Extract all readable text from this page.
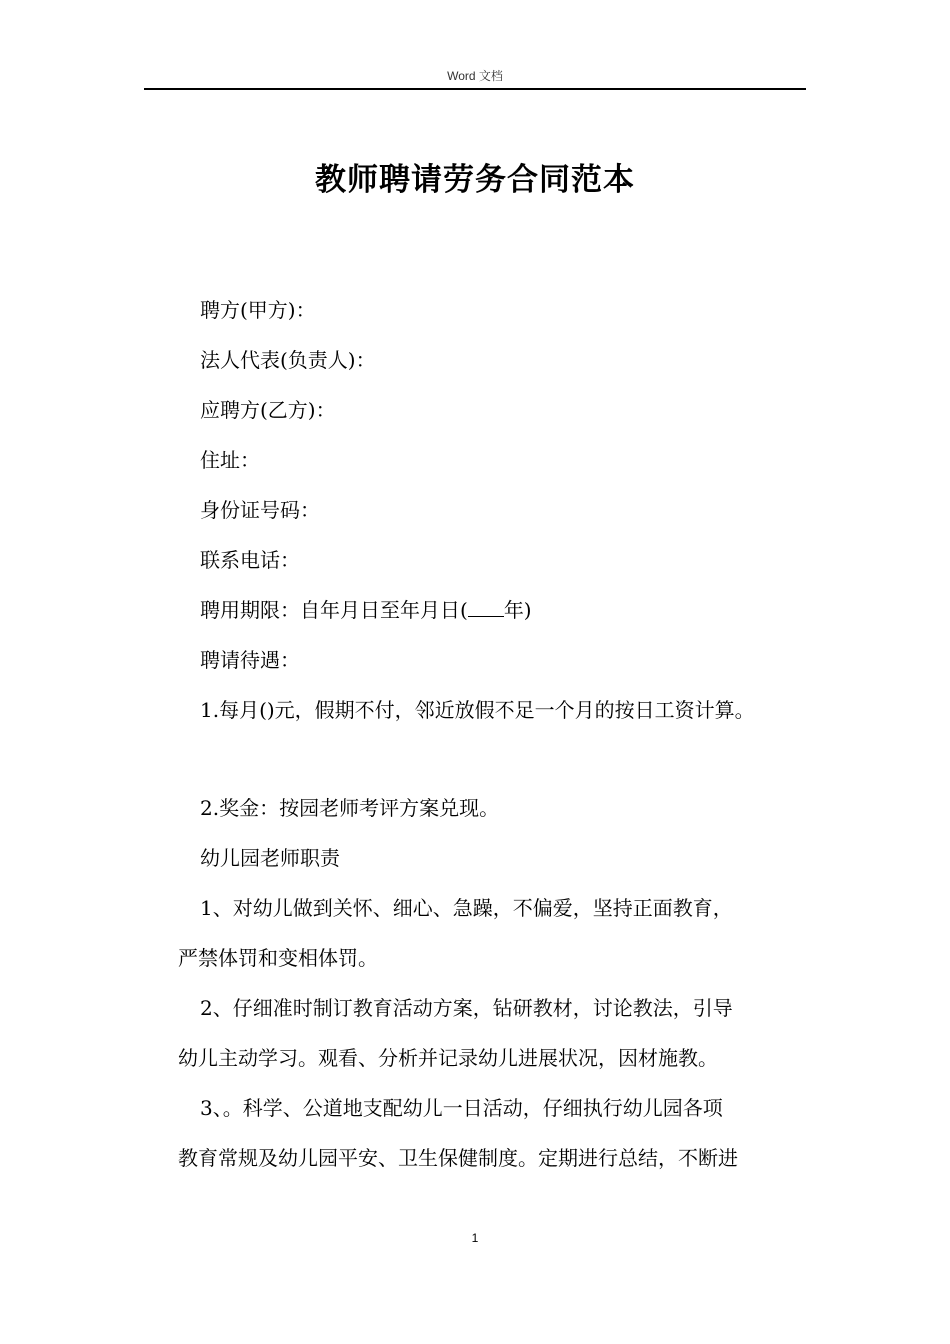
Word 文档
教师聘请劳务合同范本
聘方(甲方)：
法人代表(负责人)：
应聘方(乙方)：
住址：
身份证号码：
联系电话：
聘用期限：自年月日至年月日( 年)
聘请待遇：
1.每月()元，假期不付，邻近放假不足一个月的按日工资计算。
2.奖金：按园老师考评方案兑现。
幼儿园老师职责
1、对幼儿做到关怀、细心、急躁，不偏爱，坚持正面教育，
严禁体罚和变相体罚。
2、仔细准时制订教育活动方案，钻研教材，讨论教法，引导
幼儿主动学习。观看、分析并记录幼儿进展状况，因材施教。
3、。科学、公道地支配幼儿一日活动，仔细执行幼儿园各项
教育常规及幼儿园平安、卫生保健制度。定期进行总结，不断进
1
